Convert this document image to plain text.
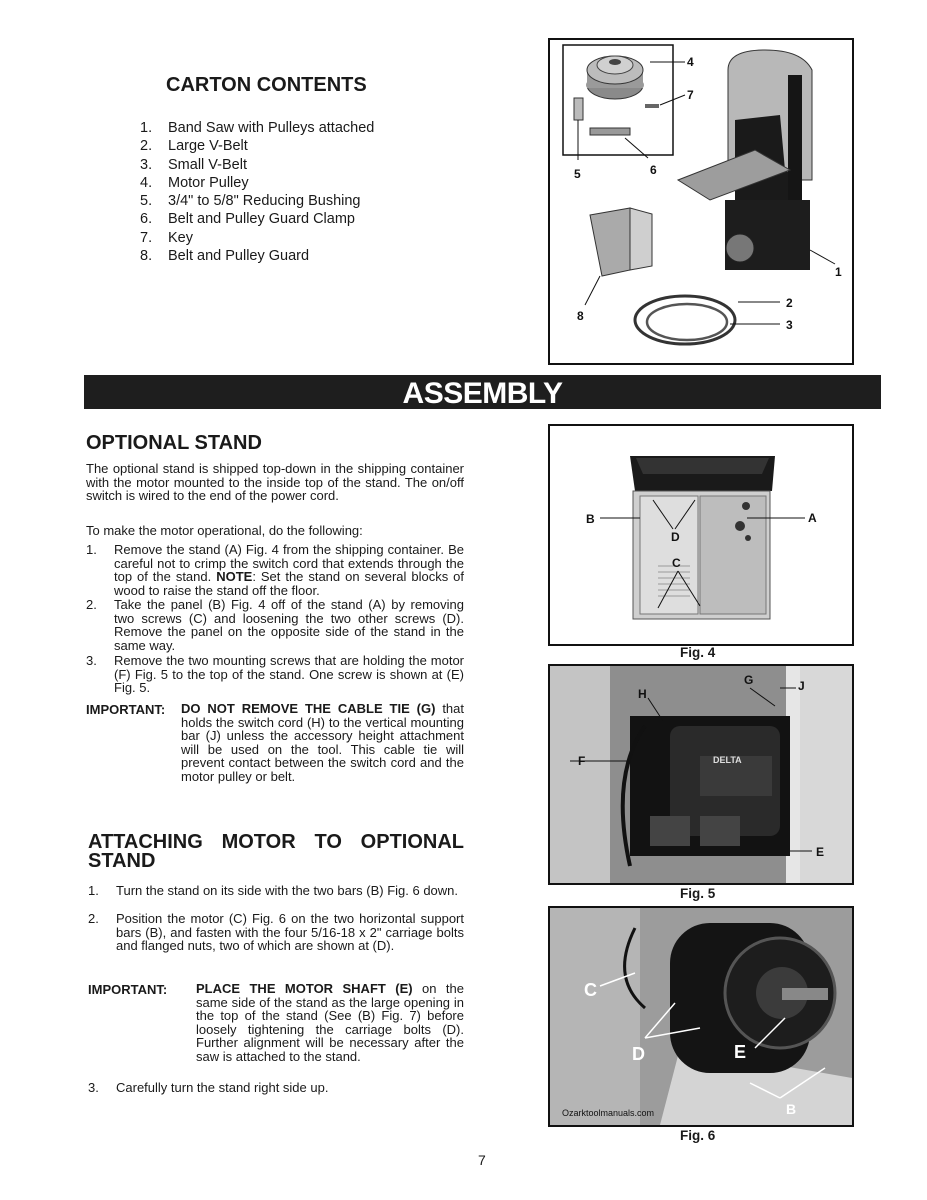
CARTON CONTENTS
1. Band Saw with Pulleys attached
2. Large V-Belt
3. Small V-Belt
4. Motor Pulley
5. 3/4" to 5/8" Reducing Bushing
6. Belt and Pulley Guard Clamp
7. Key
8. Belt and Pulley Guard
4
7
5	6
1
2
3
8
ASSEMBLY
OPTIONAL STAND

The optional stand is shipped top-down in the shipping container with the motor mounted to the inside top of the stand. The on/off switch is wired to the end of the power cord.

To make the motor operational, do the following:

1. Remove the stand (A) Fig. 4 from the shipping container. Be careful not to crimp the switch cord that extends through the top of the stand. NOTE: Set the stand on several blocks of wood to raise the stand off the floor.
2. Take the panel (B) Fig. 4 off of the stand (A) by removing two screws (C) and loosening the two other screws (D). Remove the panel on the opposite side of the stand in the same way.
3. Remove the two mounting screws that are holding the motor (F) Fig. 5 to the top of the stand. One screw is shown at (E) Fig. 5.
IMPORTANT: DO NOT REMOVE THE CABLE TIE (G) that holds the switch cord (H) to the vertical mounting bar (J) unless the accessory height attachment will be used on the tool. This cable tie will prevent contact between the switch cord and the motor pulley or belt.
ATTACHING MOTOR TO OPTIONAL STAND
1. Turn the stand on its side with the two bars (B) Fig. 6 down.
2. Position the motor (C) Fig. 6 on the two horizontal support bars (B), and fasten with the four 5/16-18 x 2" carriage bolts and flanged nuts, two of which are shown at (D).
IMPORTANT: PLACE THE MOTOR SHAFT (E) on the same side of the stand as the large opening in the top of the stand (See (B) Fig. 7) before loosely tightening the carriage bolts (D). Further alignment will be necessary after the saw is attached to the stand.
3. Carefully turn the stand right side up.
B	A
D
C
Fig. 4
DELTA
F
H
G	J
E
Fig. 5
C
D	E
B
Ozarktoolmanuals.com
Fig. 6
7
